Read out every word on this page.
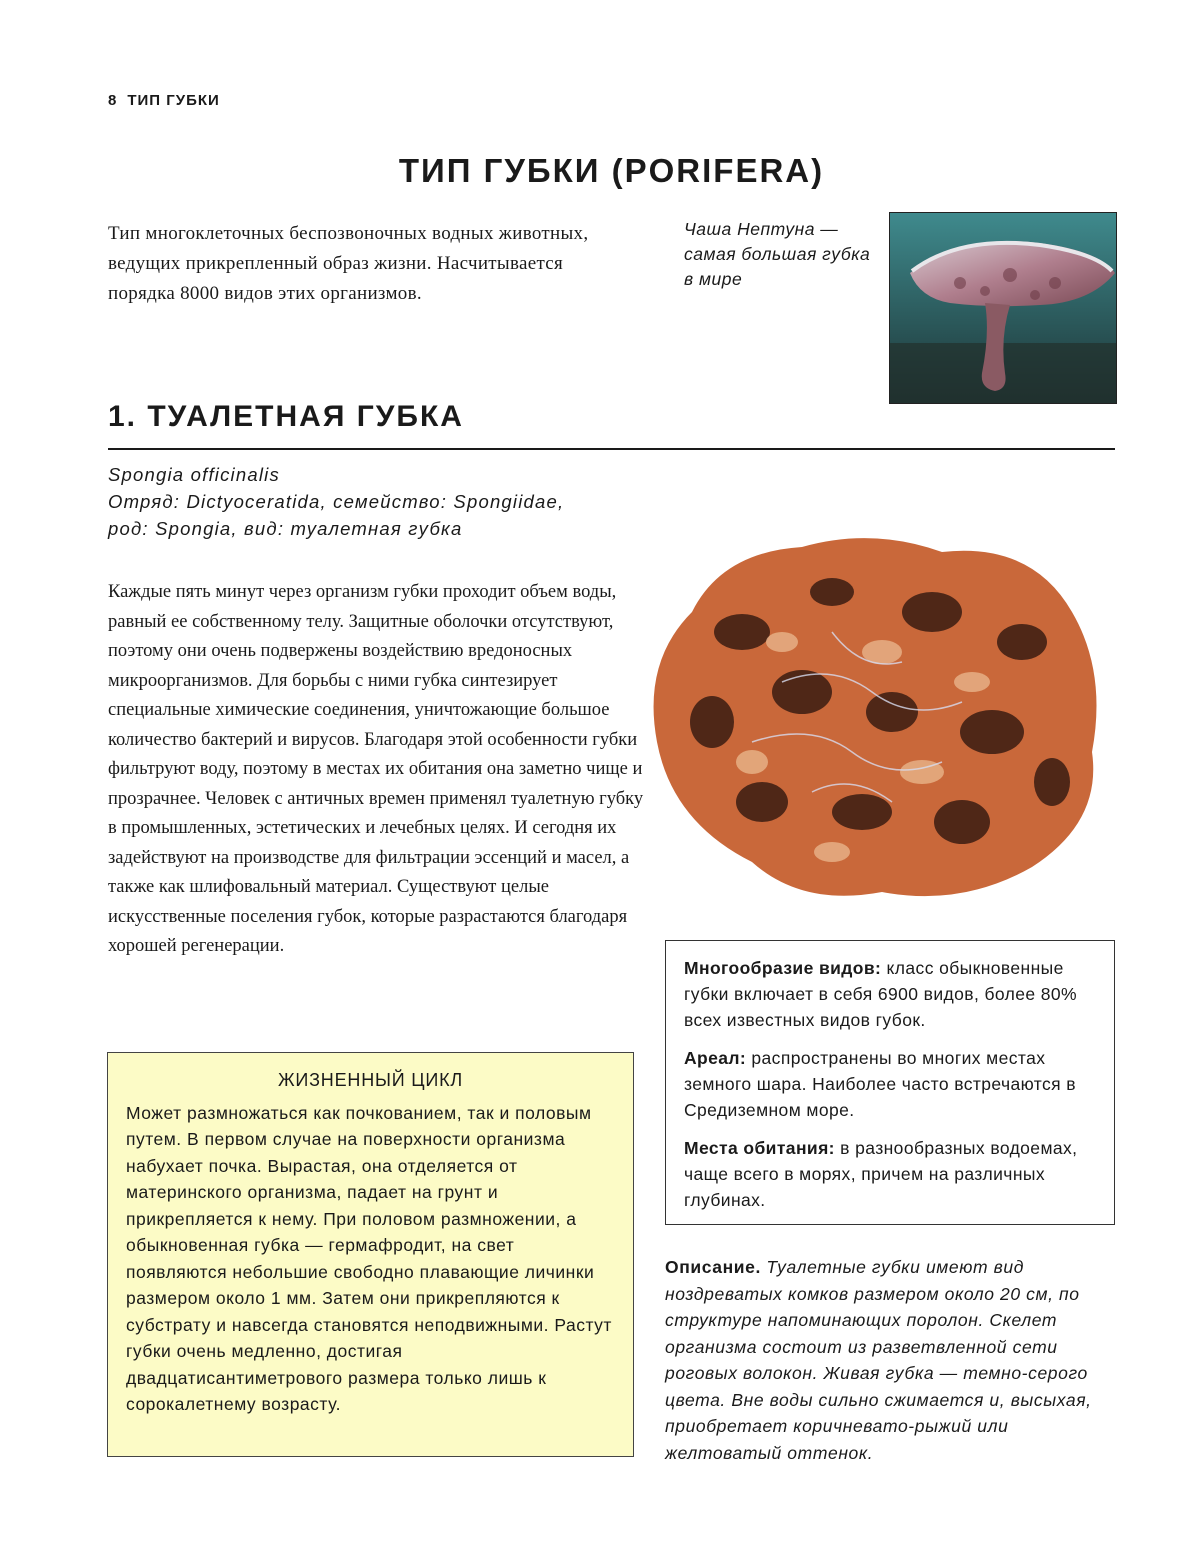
8 ТИП ГУБКИ
ТИП ГУБКИ (PORIFERA)
Тип многоклеточных беспозвоночных водных животных, ведущих прикрепленный образ жизни. Насчитывается порядка 8000 видов этих организмов.
Чаша Нептуна — самая большая губка в мире
1. ТУАЛЕТНАЯ ГУБКА
Spongia officinalis
Отряд: Dictyoceratida, семейство: Spongiidae,
род: Spongia, вид: туалетная губка
Каждые пять минут через организм губки проходит объем воды, равный ее собственному телу. Защитные оболочки отсутствуют, поэтому они очень подвержены воздействию вредоносных микроорганизмов. Для борьбы с ними губка синтезирует специальные химические соединения, уничтожающие большое количество бактерий и вирусов. Благодаря этой особенности губки фильтруют воду, поэтому в местах их обитания она заметно чище и прозрачнее. Человек с античных времен применял туалетную губку в промышленных, эстетических и лечебных целях. И сегодня их задействуют на производстве для фильтрации эссенций и масел, а также как шлифовальный материал. Существуют целые искусственные поселения губок, которые разрастаются благодаря хорошей регенерации.

Многообразие видов: класс обыкновенные губки включает в себя 6900 видов, более 80% всех известных видов губок.

Ареал: распространены во многих местах земного шара. Наиболее часто встречаются в Средиземном море.

Места обитания: в разнообразных водоемах, чаще всего в морях, причем на различных глубинах.

ЖИЗНЕННЫЙ ЦИКЛ
Может размножаться как почкованием, так и половым путем. В первом случае на поверхности организма набухает почка. Вырастая, она отделяется от материнского организма, падает на грунт и прикрепляется к нему. При половом размножении, а обыкновенная губка — гермафродит, на свет появляются небольшие свободно плавающие личинки размером около 1 мм. Затем они прикрепляются к субстрату и навсегда становятся неподвижными. Растут губки очень медленно, достигая двадцатисантиметрового размера только лишь к сорокалетнему возрасту.
Описание. Туалетные губки имеют вид ноздреватых комков размером около 20 см, по структуре напоминающих поролон. Скелет организма состоит из разветвленной сети роговых волокон. Живая губка — темно-серого цвета. Вне воды сильно сжимается и, высыхая, приобретает коричневато-рыжий или желтоватый оттенок.
